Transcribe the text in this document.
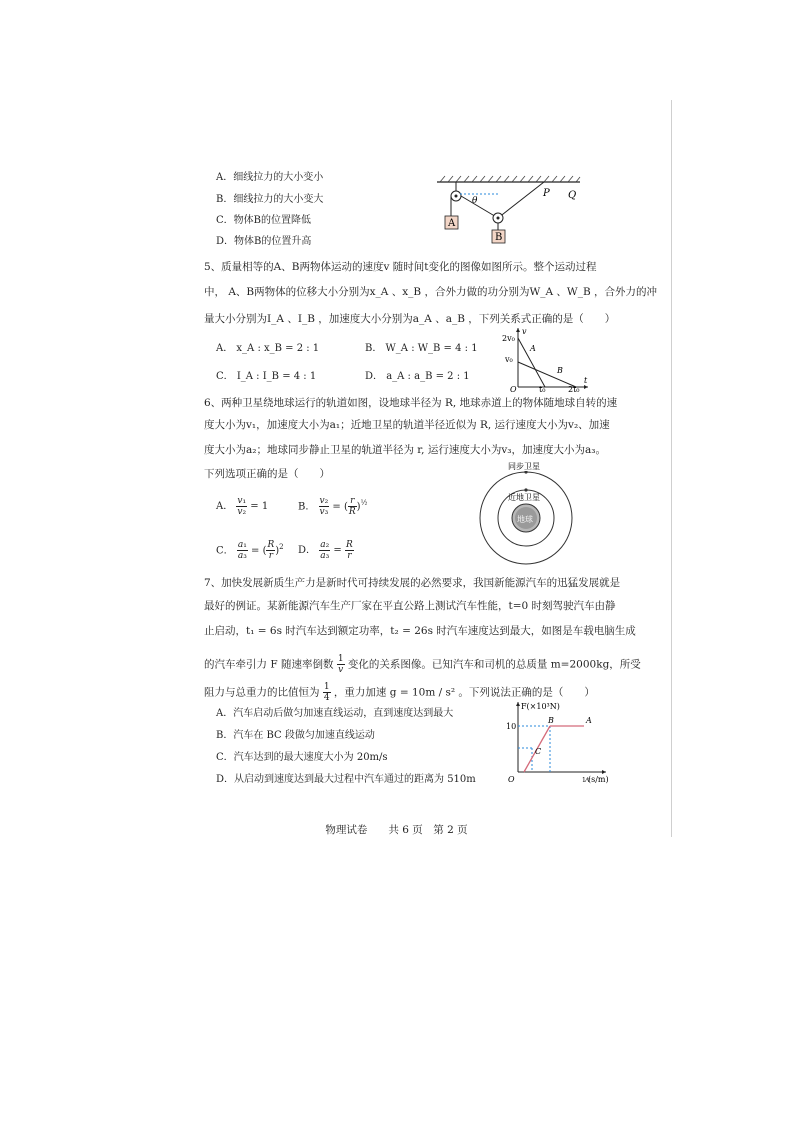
A．细线拉力的大小变小
B．细线拉力的大小变大
C．物体B的位置降低
D．物体B的位置升高
A
θ
B
P Q
5、质量相等的A、B两物体运动的速度v 随时间t变化的图像如图所示。整个运动过程
中， A、B两物体的位移大小分别为x_A 、x_B ，合外力做的功分别为W_A 、W_B ，合外力的冲
量大小分别为I_A 、I_B ，加速度大小分别为a_A 、a_B ，下列关系式正确的是（　　）
A． x_A : x_B = 2 : 1	B． W_A : W_B = 4 : 1
C． I_A : I_B = 4 : 1	D． a_A : a_B = 2 : 1
v
t
2v₀
v₀
O	t₀	2t₀
A
B
6、两种卫星绕地球运行的轨道如图，设地球半径为 R, 地球赤道上的物体随地球自转的速
度大小为v₁，加速度大小为a₁；近地卫星的轨道半径近似为 R, 运行速度大小为v₂、加速
度大小为a₂；地球同步静止卫星的轨道半径为 r, 运行速度大小为v₃，加速度大小为a₃。
下列选项正确的是（　　）
A． $\frac{\text{v₁}}{\text{v₂}} = 1$	B． $\frac{\text{v₂}}{\text{v₃}}$ = ( $\frac{r}{R} )^{\frac{1}{2}}$
C． $\frac{\text{a₁}}{\text{a₃}}$ = ( $\frac{R}{r} )^2$ D． $\frac{\text{a₂}}{\text{a₃}} = \frac{R}{r}$
同步卫星
近地卫星
地球
7、加快发展新质生产力是新时代可持续发展的必然要求，我国新能源汽车的迅猛发展就是
最好的例证。某新能源汽车生产厂家在平直公路上测试汽车性能，t=0 时刻驾驶汽车由静
止启动，t₁ = 6s 时汽车达到额定功率，t₂ = 26s 时汽车速度达到最大，如图是车载电脑生成
的汽车牵引力 F 随速率倒数 $\frac{1}{v}$ 变化的关系图像。已知汽车和司机的总质量 m=2000kg，所受
阻力与总重力的比值恒为 $\frac{1}{4}$ ，重力加速 g = 10m / s² 。下列说法正确的是（　　）
A．汽车启动后做匀加速直线运动，直到速度达到最大
B．汽车在 BC 段做匀加速直线运动
C．汽车达到的最大速度大小为 20m/s
D．从启动到速度达到最大过程中汽车通过的距离为 510m
F(×10³N)
10
O	(s/m)
1⁄v
B	A
C
物理试卷　　共 6 页　第 2 页
